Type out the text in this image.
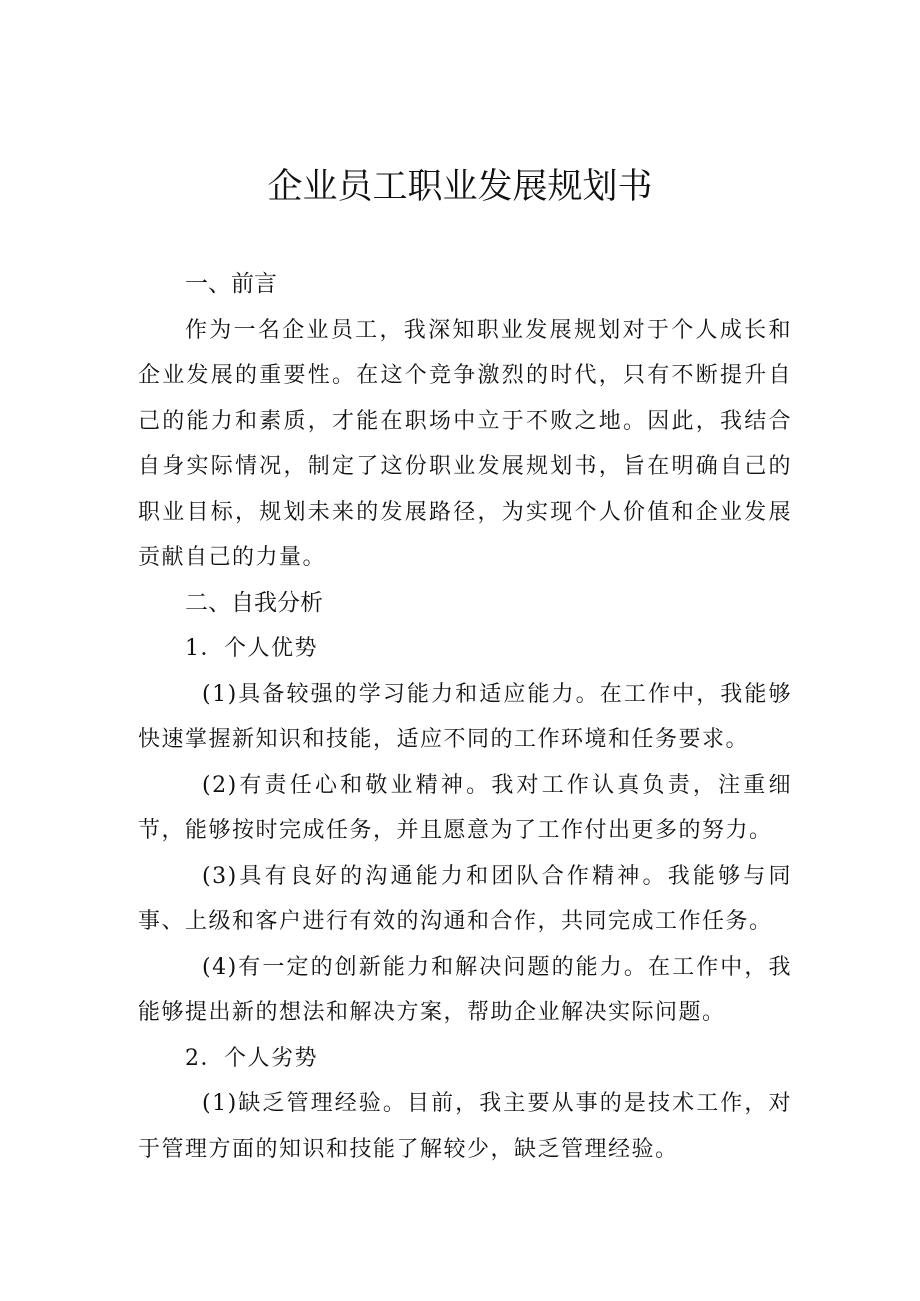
企业员工职业发展规划书
一、前言

作为一名企业员工，我深知职业发展规划对于个人成长和企业发展的重要性。在这个竞争激烈的时代，只有不断提升自己的能力和素质，才能在职场中立于不败之地。因此，我结合自身实际情况，制定了这份职业发展规划书，旨在明确自己的职业目标，规划未来的发展路径，为实现个人价值和企业发展贡献自己的力量。

二、自我分析
1．个人优势

(1)具备较强的学习能力和适应能力。在工作中，我能够快速掌握新知识和技能，适应不同的工作环境和任务要求。

(2)有责任心和敬业精神。我对工作认真负责，注重细节，能够按时完成任务，并且愿意为了工作付出更多的努力。

(3)具有良好的沟通能力和团队合作精神。我能够与同事、上级和客户进行有效的沟通和合作，共同完成工作任务。

(4)有一定的创新能力和解决问题的能力。在工作中，我能够提出新的想法和解决方案，帮助企业解决实际问题。

2．个人劣势

(1)缺乏管理经验。目前，我主要从事的是技术工作，对于管理方面的知识和技能了解较少，缺乏管理经验。
